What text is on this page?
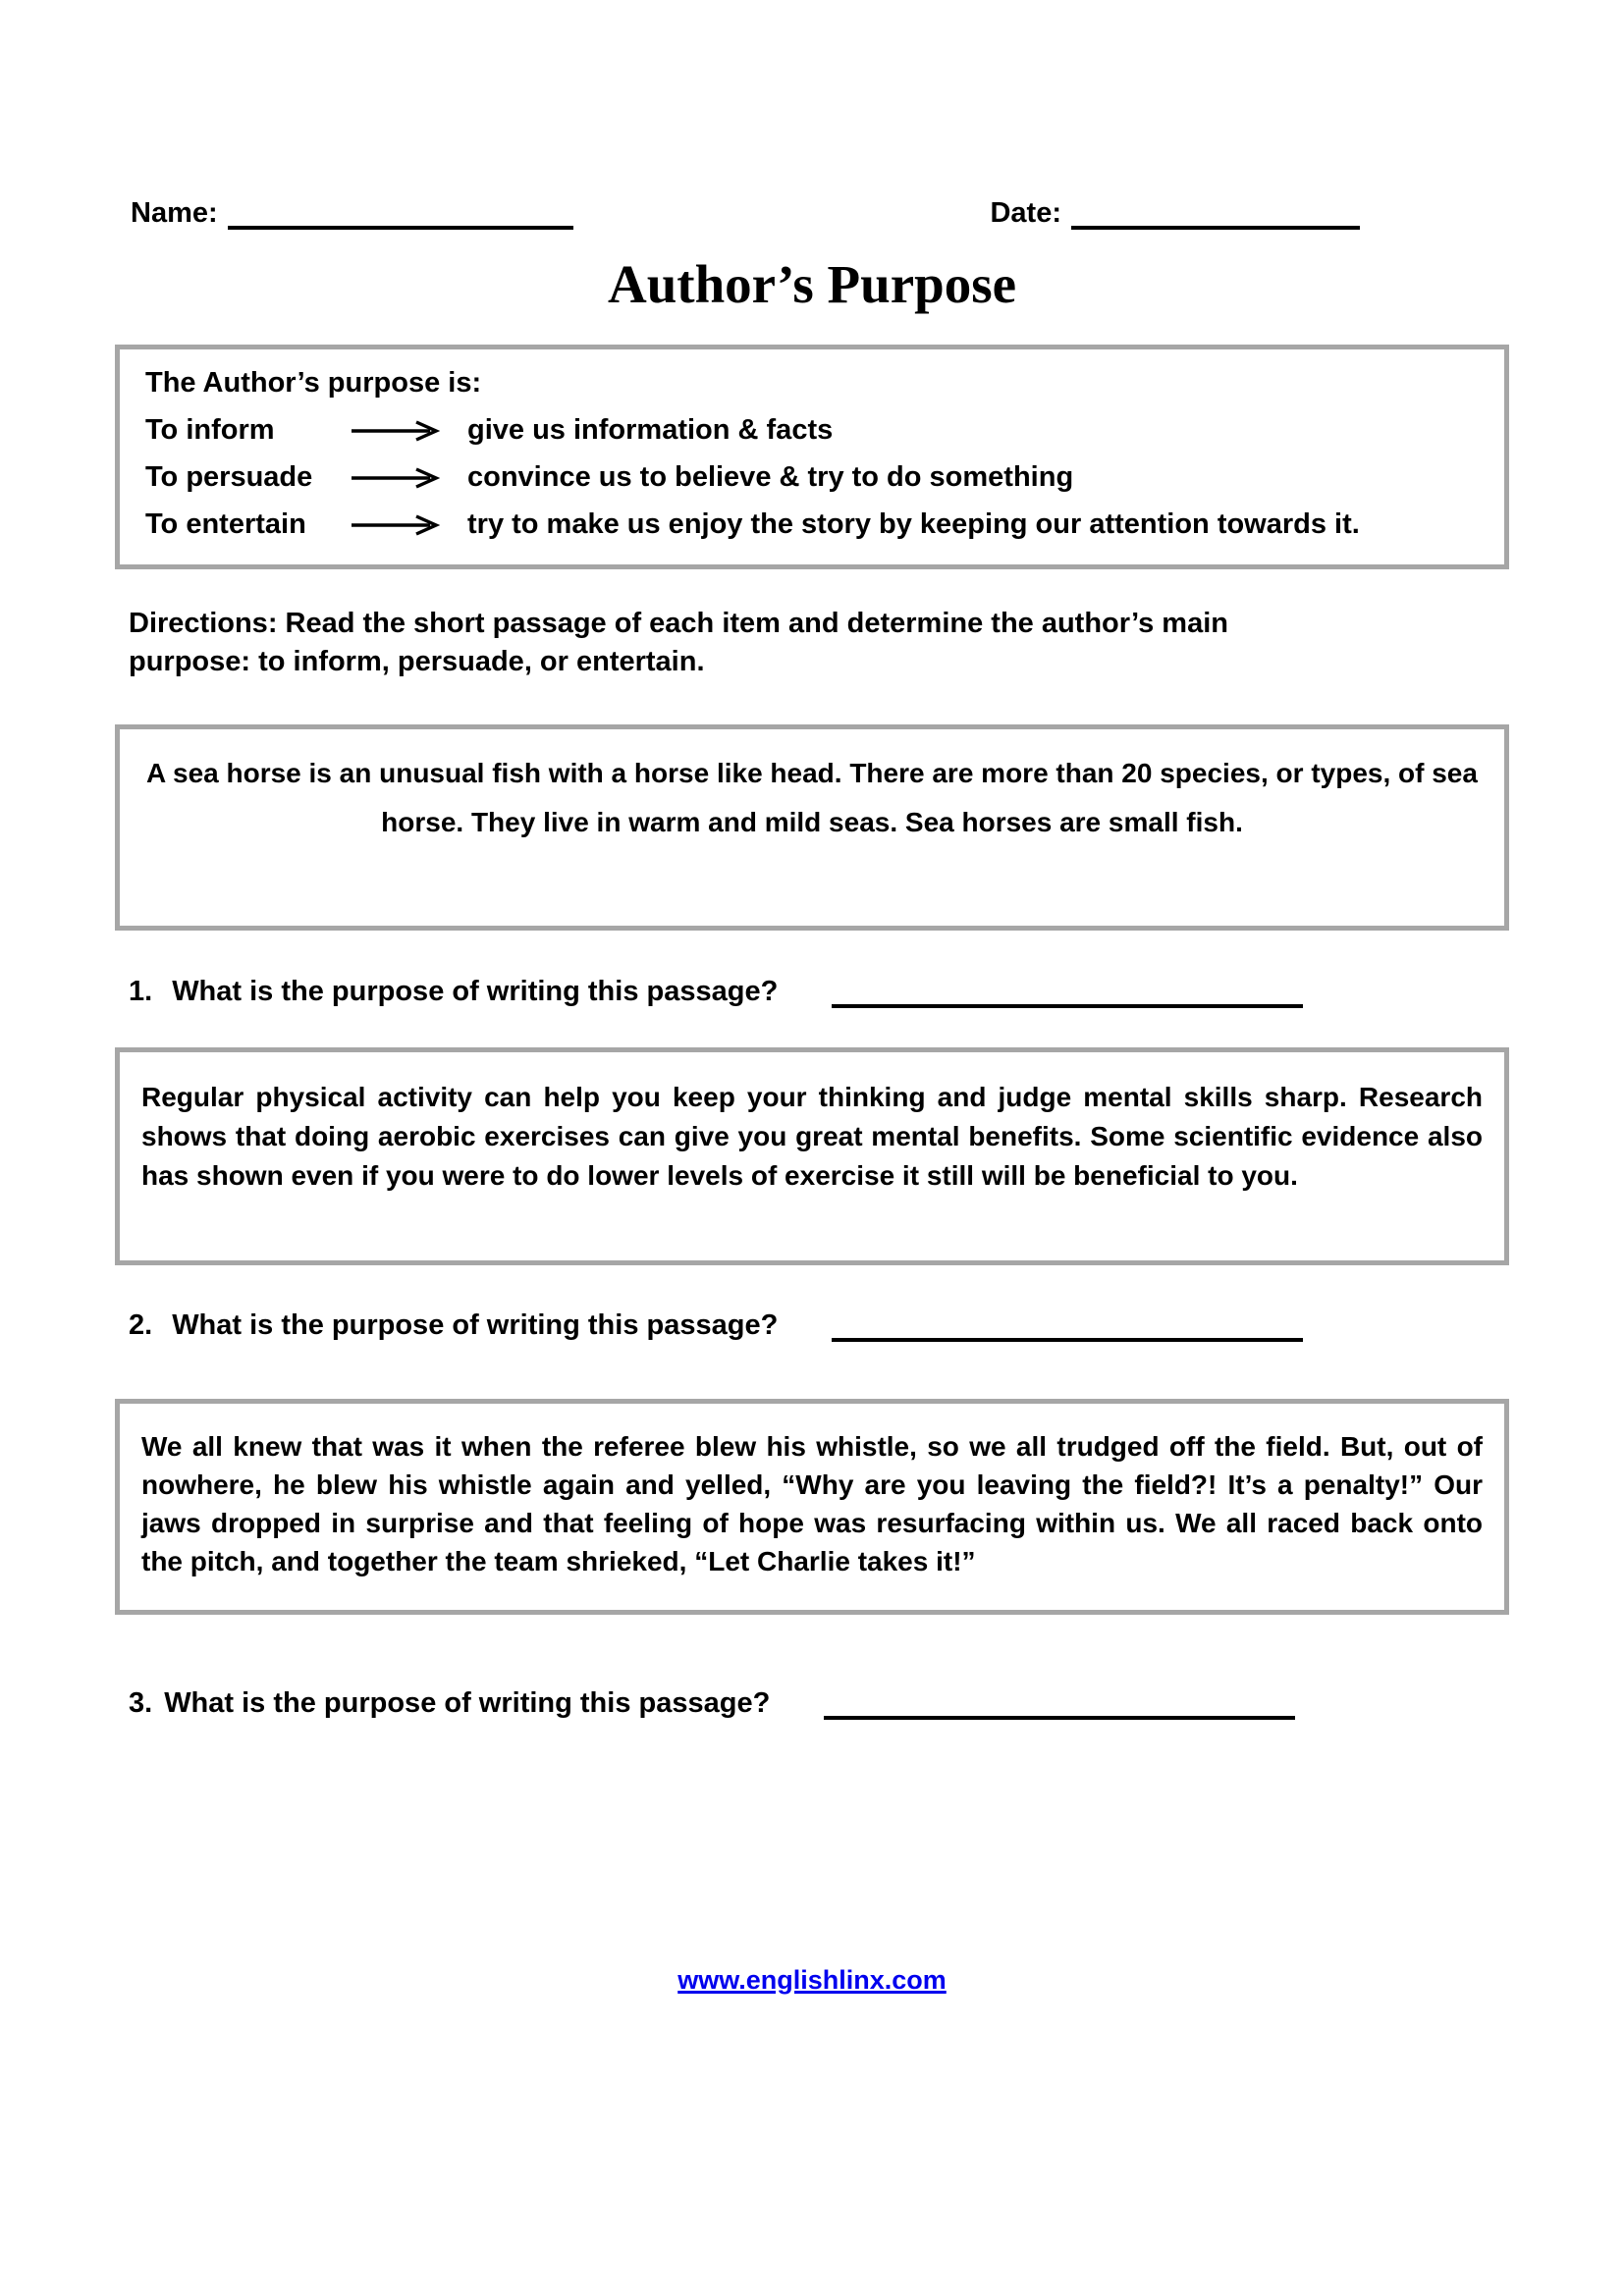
Name:	Date:
Author’s Purpose
The Author’s purpose is:
To inform	give us information & facts
To persuade	convince us to believe & try to do something
To entertain	try to make us enjoy the story by keeping our attention towards it.

Directions: Read the short passage of each item and determine the author’s main purpose: to inform, persuade, or entertain.

A sea horse is an unusual fish with a horse like head. There are more than 20 species, or types, of sea horse. They live in warm and mild seas. Sea horses are small fish.

1. What is the purpose of writing this passage?

Regular physical activity can help you keep your thinking and judge mental skills sharp. Research shows that doing aerobic exercises can give you great mental benefits. Some scientific evidence also has shown even if you were to do lower levels of exercise it still will be beneficial to you.

2. What is the purpose of writing this passage?

We all knew that was it when the referee blew his whistle, so we all trudged off the field. But, out of nowhere, he blew his whistle again and yelled, “Why are you leaving the field?! It’s a penalty!” Our jaws dropped in surprise and that feeling of hope was resurfacing within us. We all raced back onto the pitch, and together the team shrieked, “Let Charlie takes it!”

3. What is the purpose of writing this passage?
www.englishlinx.com
